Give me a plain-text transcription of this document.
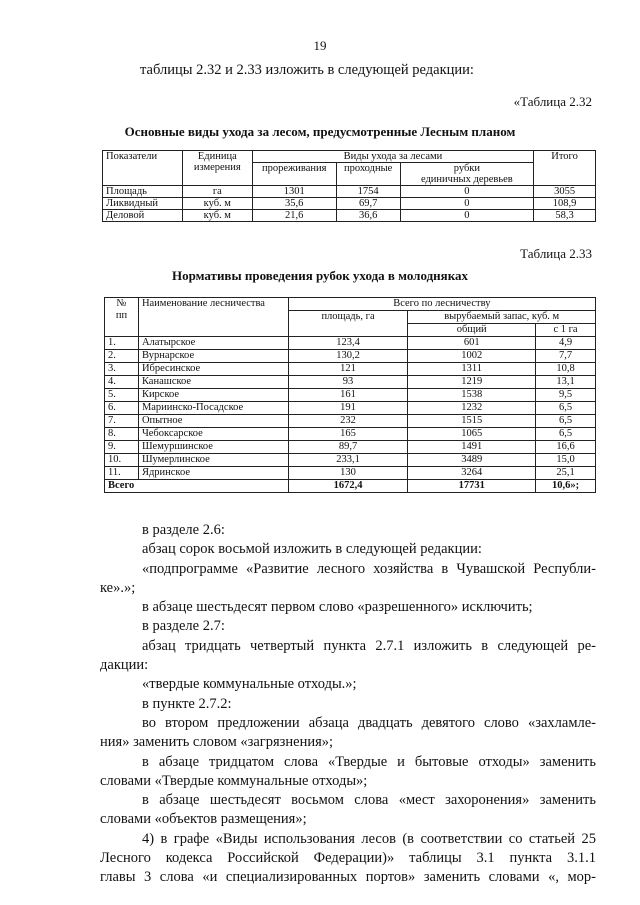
19
таблицы 2.32 и 2.33 изложить в следующей редакции:
«Таблица 2.32
Основные виды ухода за лесом, предусмотренные Лесным планом
Показатели	Единица
измерения	Виды ухода за лесами			Итого
		прореживания	проходные	рубки
единичных деревьев	
Площадь	га	1301	1754	0	3055
Ликвидный	куб. м	35,6	69,7	0	108,9
Деловой	куб. м	21,6	36,6	0	58,3
Таблица 2.33
Нормативы проведения рубок ухода в молодняках
№
пп	Наименование лесничества	Всего по лесничеству		
		площадь, га	вырубаемый запас, куб. м	
			общий	с 1 га
1.	Алатырское	123,4	601	4,9
2.	Вурнарское	130,2	1002	7,7
3.	Ибресинское	121	1311	10,8
4.	Канашское	93	1219	13,1
5.	Кирское	161	1538	9,5
6.	Мариинско-Посадское	191	1232	6,5
7.	Опытное	232	1515	6,5
8.	Чебоксарское	165	1065	6,5
9.	Шемуршинское	89,7	1491	16,6
10.	Шумерлинское	233,1	3489	15,0
11.	Ядринское	130	3264	25,1
Всего		1672,4	17731	10,6»;

в разделе 2.6:

абзац сорок восьмой изложить в следующей редакции:

«подпрограмме «Развитие лесного хозяйства в Чувашской Республи-

ке».»;

в абзаце шестьдесят первом слово «разрешенного» исключить;

в разделе 2.7:

абзац тридцать четвертый пункта 2.7.1 изложить в следующей ре-

дакции:

«твердые коммунальные отходы.»;

в пункте 2.7.2:

во втором предложении абзаца двадцать девятого слово «захламле-

ния» заменить словом «загрязнения»;

в абзаце тридцатом слова «Твердые и бытовые отходы» заменить

словами «Твердые коммунальные отходы»;

в абзаце шестьдесят восьмом слова «мест захоронения» заменить

словами «объектов размещения»;

4) в графе «Виды использования лесов (в соответствии со статьей 25

Лесного кодекса Российской Федерации)» таблицы 3.1 пункта 3.1.1

главы 3 слова «и специализированных портов» заменить словами «, мор-
